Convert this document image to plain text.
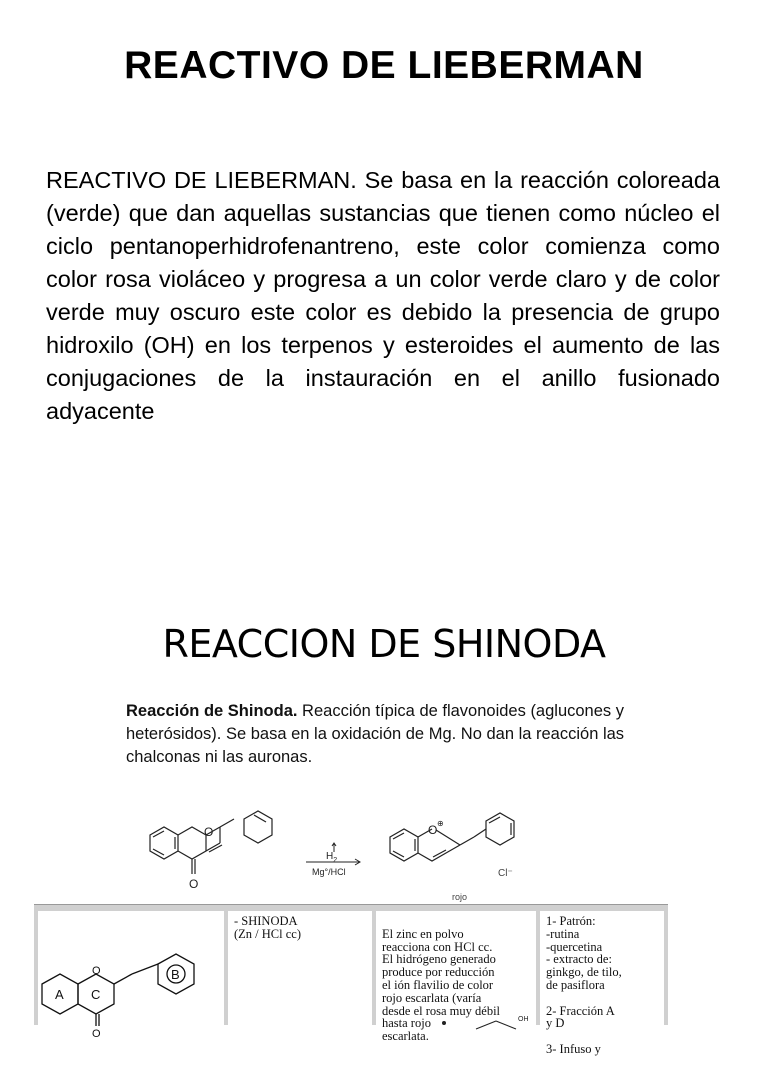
REACTIVO DE LIEBERMAN
REACTIVO DE LIEBERMAN. Se basa en la reacción coloreada (verde) que dan aquellas sustancias que tienen como núcleo el ciclo pentanoperhidrofenantreno, este color comienza como color rosa violáceo y progresa a un color verde claro y de color verde muy oscuro este color es debido la presencia de grupo hidroxilo (OH) en los terpenos y esteroides el aumento de las conjugaciones de la instauración en el anillo fusionado adyacente
REACCION DE SHINODA
Reacción de Shinoda. Reacción típica de flavonoides (aglucones y heterósidos). Se basa en la oxidación de Mg. No dan la reacción las chalconas ni las auronas.
O
O
$H_2$
Mg°/HCl
O ⊕
Cl⁻
rojo

A C
B
O
O

- SHINODA
(Zn / HCl cc)	El zinc en polvo
reacciona con HCl cc.
El hidrógeno generado
produce por reducción
el ión flavilio de color
rojo escarlata (varía
desde el rosa muy débil
hasta rojo
escarlata.

OH

1- Patrón:
-rutina
-quercetina
- extracto de:
ginkgo, de tilo,
de pasiflora

2- Fracción A
y D

3- Infuso y
